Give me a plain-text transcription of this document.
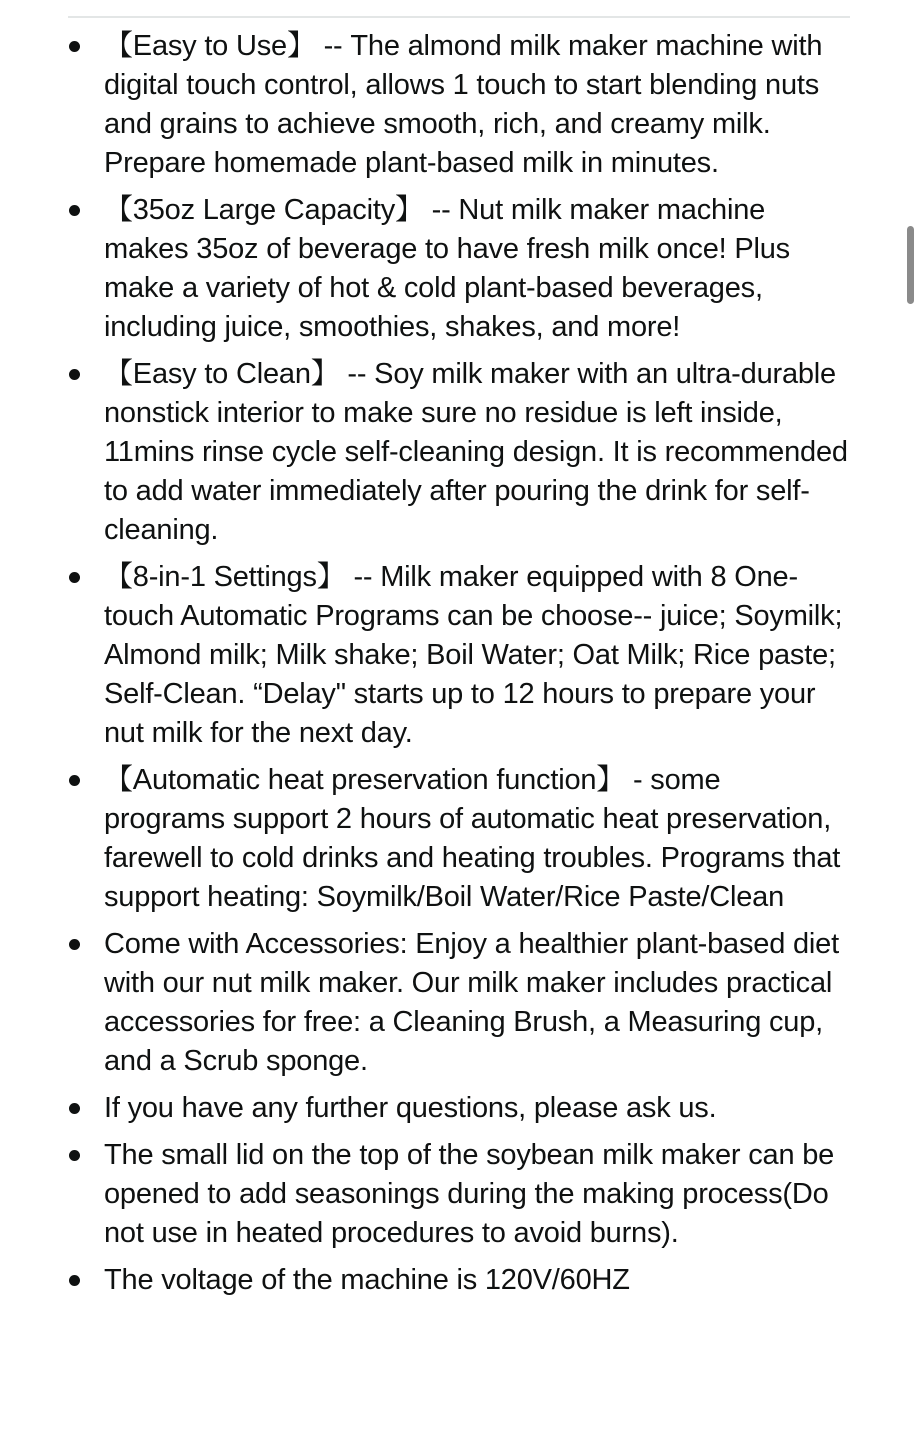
【Easy to Use】 -- The almond milk maker machine with digital touch control, allows 1 touch to start blending nuts and grains to achieve smooth, rich, and creamy milk. Prepare homemade plant-based milk in minutes.
【35oz Large Capacity】 -- Nut milk maker machine makes 35oz of beverage to have fresh milk once! Plus make a variety of hot & cold plant-based beverages, including juice, smoothies, shakes, and more!
【Easy to Clean】 -- Soy milk maker with an ultra-durable nonstick interior to make sure no residue is left inside, 11mins rinse cycle self-cleaning design. It is recommended to add water immediately after pouring the drink for self-cleaning.
【8-in-1 Settings】 -- Milk maker equipped with 8 One-touch Automatic Programs can be choose-- juice; Soymilk; Almond milk; Milk shake; Boil Water; Oat Milk; Rice paste; Self-Clean. “Delay" starts up to 12 hours to prepare your nut milk for the next day.
【Automatic heat preservation function】 - some programs support 2 hours of automatic heat preservation, farewell to cold drinks and heating troubles. Programs that support heating: Soymilk/Boil Water/Rice Paste/Clean
Come with Accessories: Enjoy a healthier plant-based diet with our nut milk maker. Our milk maker includes practical accessories for free: a Cleaning Brush, a Measuring cup, and a Scrub sponge.
If you have any further questions, please ask us.
The small lid on the top of the soybean milk maker can be opened to add seasonings during the making process(Do not use in heated procedures to avoid burns).
The voltage of the machine is 120V/60HZ
